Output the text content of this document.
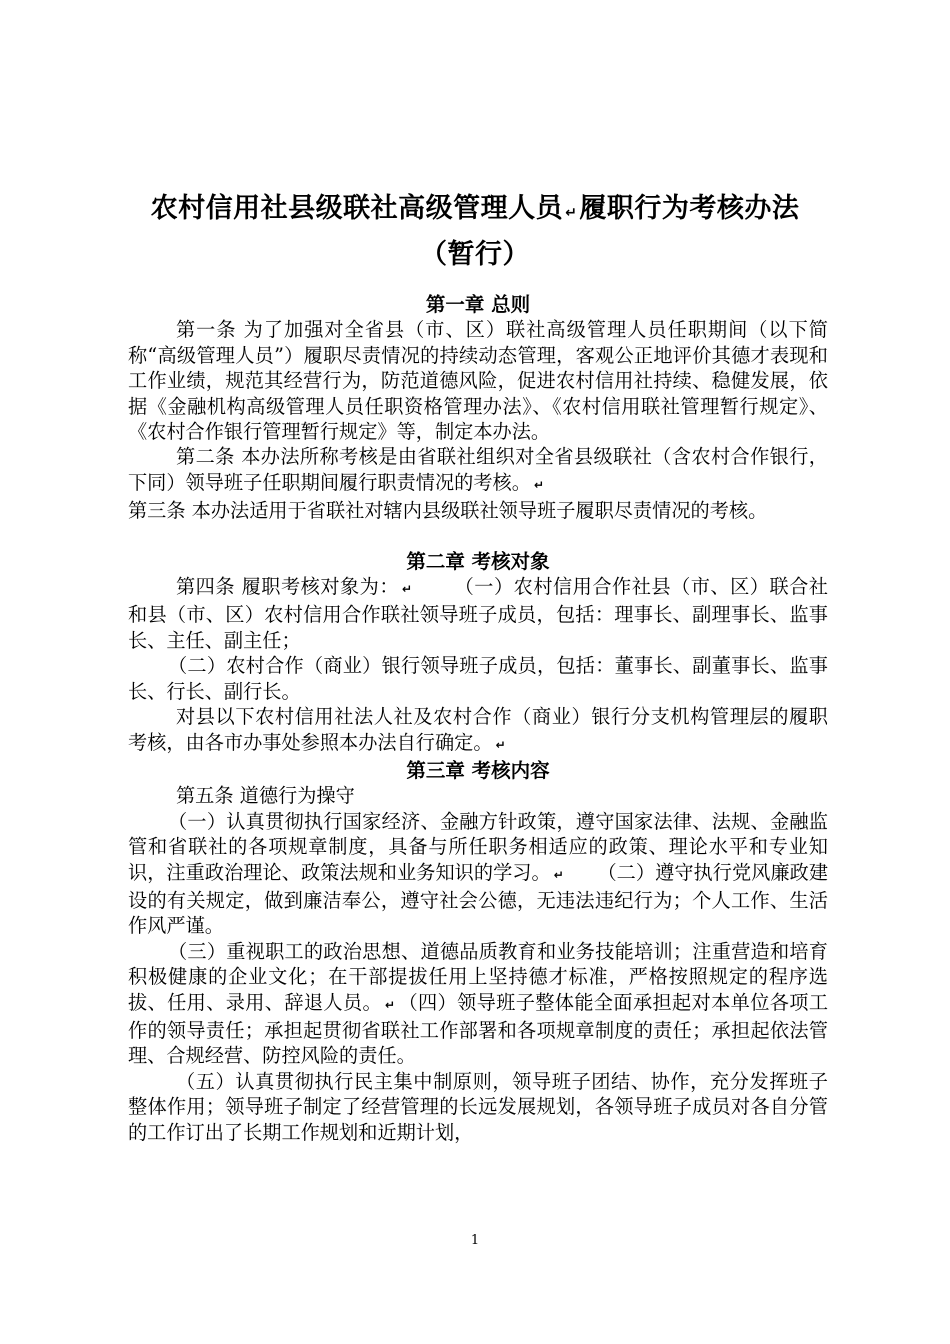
农村信用社县级联社高级管理人员 ↵履职行为考核办法
（暂行）

第一章 总则

第一条 为了加强对全省县（市、区）联社高级管理人员任职期间（以下简称“高级管理人员”）履职尽责情况的持续动态管理，客观公正地评价其德才表现和工作业绩，规范其经营行为，防范道德风险，促进农村信用社持续、稳健发展，依据《金融机构高级管理人员任职资格管理办法》、《农村信用联社管理暂行规定》、《农村合作银行管理暂行规定》等，制定本办法。

第二条 本办法所称考核是由省联社组织对全省县级联社（含农村合作银行，下同）领导班子任职期间履行职责情况的考核。 ↵

第三条 本办法适用于省联社对辖内县级联社领导班子履职尽责情况的考核。

第二章 考核对象

第四条 履职考核对象为： ↵ （一）农村信用合作社县（市、区）联合社和县（市、区）农村信用合作联社领导班子成员，包括：理事长、副理事长、监事长、主任、副主任；

（二）农村合作（商业）银行领导班子成员，包括：董事长、副董事长、监事长、行长、副行长。

对县以下农村信用社法人社及农村合作（商业）银行分支机构管理层的履职考核，由各市办事处参照本办法自行确定。 ↵

第三章 考核内容

第五条 道德行为操守

（一）认真贯彻执行国家经济、金融方针政策，遵守国家法律、法规、金融监管和省联社的各项规章制度，具备与所任职务相适应的政策、理论水平和专业知识，注重政治理论、政策法规和业务知识的学习。 ↵ （二）遵守执行党风廉政建设的有关规定，做到廉洁奉公，遵守社会公德，无违法违纪行为；个人工作、生活作风严谨。

（三）重视职工的政治思想、道德品质教育和业务技能培训；注重营造和培育积极健康的企业文化；在干部提拔任用上坚持德才标准，严格按照规定的程序选拔、任用、录用、辞退人员。 ↵ （四）领导班子整体能全面承担起对本单位各项工作的领导责任；承担起贯彻省联社工作部署和各项规章制度的责任；承担起依法管理、合规经营、防控风险的责任。

（五）认真贯彻执行民主集中制原则，领导班子团结、协作，充分发挥班子整体作用；领导班子制定了经营管理的长远发展规划，各领导班子成员对各自分管的工作订出了长期工作规划和近期计划，

1
